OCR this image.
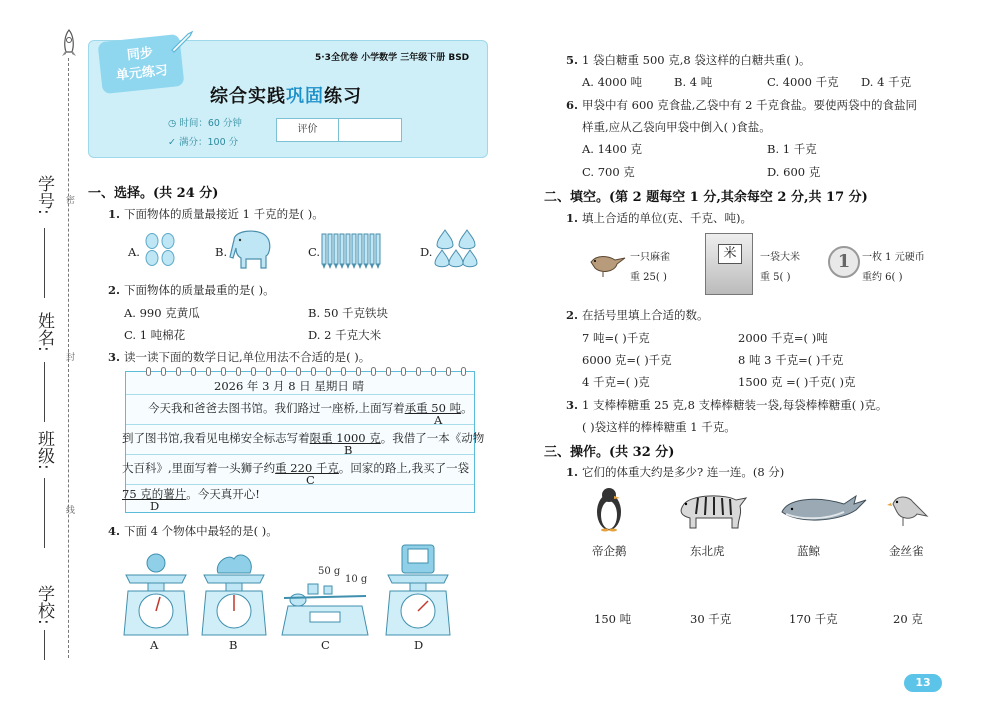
密
封
线
学号:
姓名:
班级:
学校:
同步
单元练习
5·3全优卷 小学数学 三年级下册 BSD
综合实践巩固练习
◷ 时间：60 分钟
✓ 满分：100 分
评价
一、选择。(共 24 分)
1. 下面物体的质量最接近 1 千克的是( )。
A.	B.	C.	D.
2. 下面物体的质量最重的是( )。
A. 990 克黄瓜	B. 50 千克铁块
C. 1 吨棉花	D. 2 千克大米
3. 读一读下面的数学日记,单位用法不合适的是( )。
2026 年 3 月 8 日 星期日 晴
今天我和爸爸去图书馆。我们路过一座桥,上面写着承重 50 吨。
A
到了图书馆,我看见电梯安全标志写着限重 1000 克。我借了一本《动物
B
大百科》,里面写着一头狮子约重 220 千克。回家的路上,我买了一袋
C
75 克的薯片。今天真开心!
D
4. 下面 4 个物体中最轻的是( )。
50 g
10 g
A	B	C	D
5. 1 袋白糖重 500 克,8 袋这样的白糖共重( )。
A. 4000 吨	B. 4 吨	C. 4000 千克 D. 4 千克
6. 甲袋中有 600 克食盐,乙袋中有 2 千克食盐。要使两袋中的食盐同
样重,应从乙袋向甲袋中倒入( )食盐。
A. 1400 克	B. 1 千克
C. 700 克	D. 600 克
二、填空。(第 2 题每空 1 分,其余每空 2 分,共 17 分)
1. 填上合适的单位(克、千克、吨)。
一只麻雀
重 25( )
米	一袋大米
重 5( )
1	一枚 1 元硬币
重约 6( )
2. 在括号里填上合适的数。
7 吨=( )千克	2000 千克=( )吨
6000 克=( )千克	8 吨 3 千克=( )千克
4 千克=( )克	1500 克 =( )千克( )克
3. 1 支棒棒糖重 25 克,8 支棒棒糖装一袋,每袋棒棒糖重( )克。
( )袋这样的棒棒糖重 1 千克。
三、操作。(共 32 分)
1. 它们的体重大约是多少? 连一连。(8 分)
帝企鹅	东北虎	蓝鲸	金丝雀
150 吨	30 千克	170 千克	20 克
13
